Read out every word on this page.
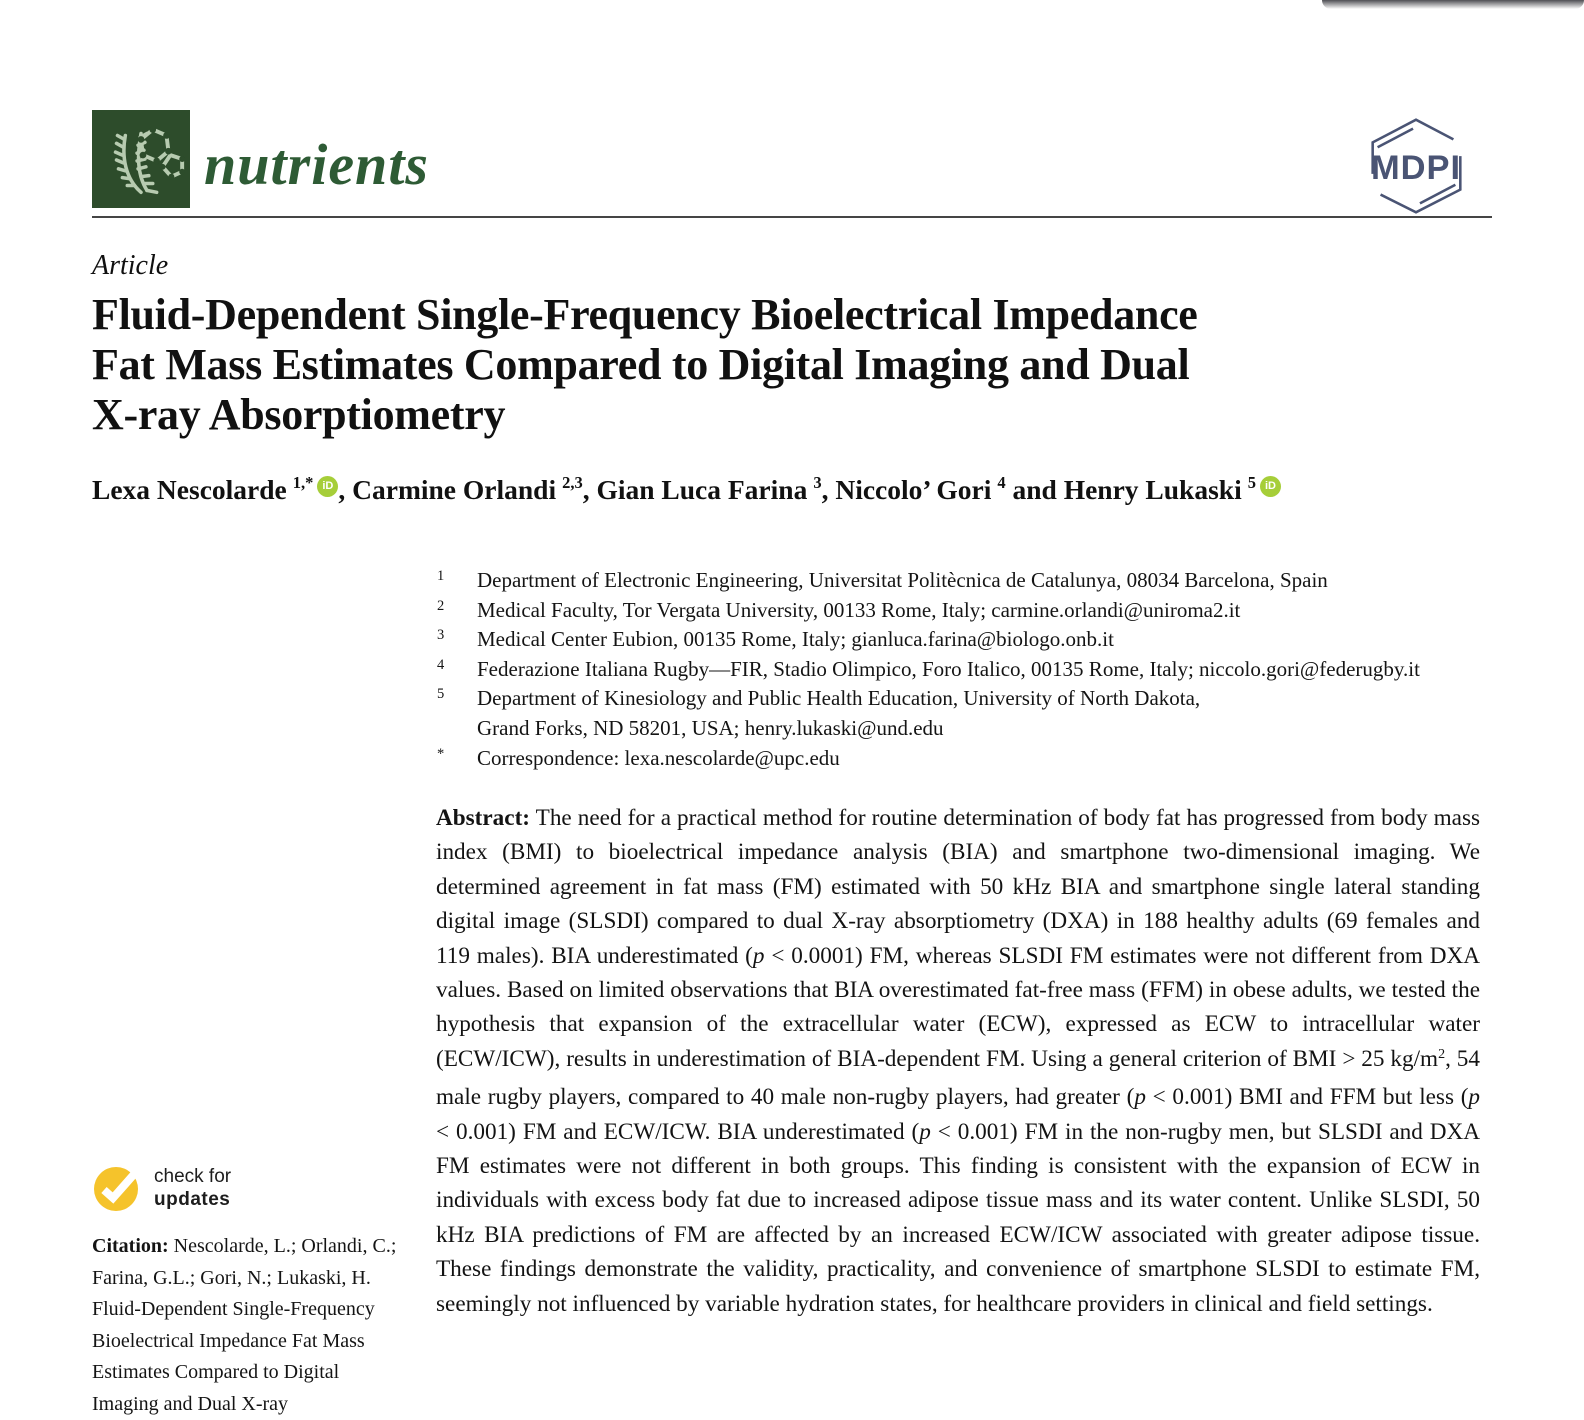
nutrients	MDPI
Article
Fluid-Dependent Single-Frequency Bioelectrical Impedance
Fat Mass Estimates Compared to Digital Imaging and Dual
X-ray Absorptiometry
Lexa Nescolarde $^{1,*}$ iD , Carmine Orlandi $^{2,3}$, Gian Luca Farina $^3$, Niccolo’ Gori $^4$ and Henry Lukaski $^5$ iD
1	Department of Electronic Engineering, Universitat Politècnica de Catalunya, 08034 Barcelona, Spain
2	Medical Faculty, Tor Vergata University, 00133 Rome, Italy; carmine.orlandi@uniroma2.it
3	Medical Center Eubion, 00135 Rome, Italy; gianluca.farina@biologo.onb.it
4	Federazione Italiana Rugby—FIR, Stadio Olimpico, Foro Italico, 00135 Rome, Italy; niccolo.gori@federugby.it
5	Department of Kinesiology and Public Health Education, University of North Dakota,
Grand Forks, ND 58201, USA; henry.lukaski@und.edu
*	Correspondence: lexa.nescolarde@upc.edu
Abstract: The need for a practical method for routine determination of body fat has progressed from body mass index (BMI) to bioelectrical impedance analysis (BIA) and smartphone two-dimensional imaging. We determined agreement in fat mass (FM) estimated with 50 kHz BIA and smartphone single lateral standing digital image (SLSDI) compared to dual X-ray absorptiometry (DXA) in 188 healthy adults (69 females and 119 males). BIA underestimated (p < 0.0001) FM, whereas SLSDI FM estimates were not different from DXA values. Based on limited observations that BIA overestimated fat-free mass (FFM) in obese adults, we tested the hypothesis that expansion of the extracellular water (ECW), expressed as ECW to intracellular water (ECW/ICW), results in underestimation of BIA-dependent FM. Using a general criterion of BMI > 25 $kg/m^2$, 54 male rugby players, compared to 40 male non-rugby players, had greater (p < 0.001) BMI and FFM but less (p < 0.001) FM and ECW/ICW. BIA underestimated (p < 0.001) FM in the non-rugby men, but SLSDI and DXA FM estimates were not different in both groups. This finding is consistent with the expansion of ECW in individuals with excess body fat due to increased adipose tissue mass and its water content. Unlike SLSDI, 50 kHz BIA predictions of FM are affected by an increased ECW/ICW associated with greater adipose tissue. These findings demonstrate the validity, practicality, and convenience of smartphone SLSDI to estimate FM, seemingly not influenced by variable hydration states, for healthcare providers in clinical and field settings.
check for
updates
Citation: Nescolarde, L.; Orlandi, C.;
Farina, G.L.; Gori, N.; Lukaski, H.
Fluid-Dependent Single-Frequency
Bioelectrical Impedance Fat Mass
Estimates Compared to Digital
Imaging and Dual X-ray
